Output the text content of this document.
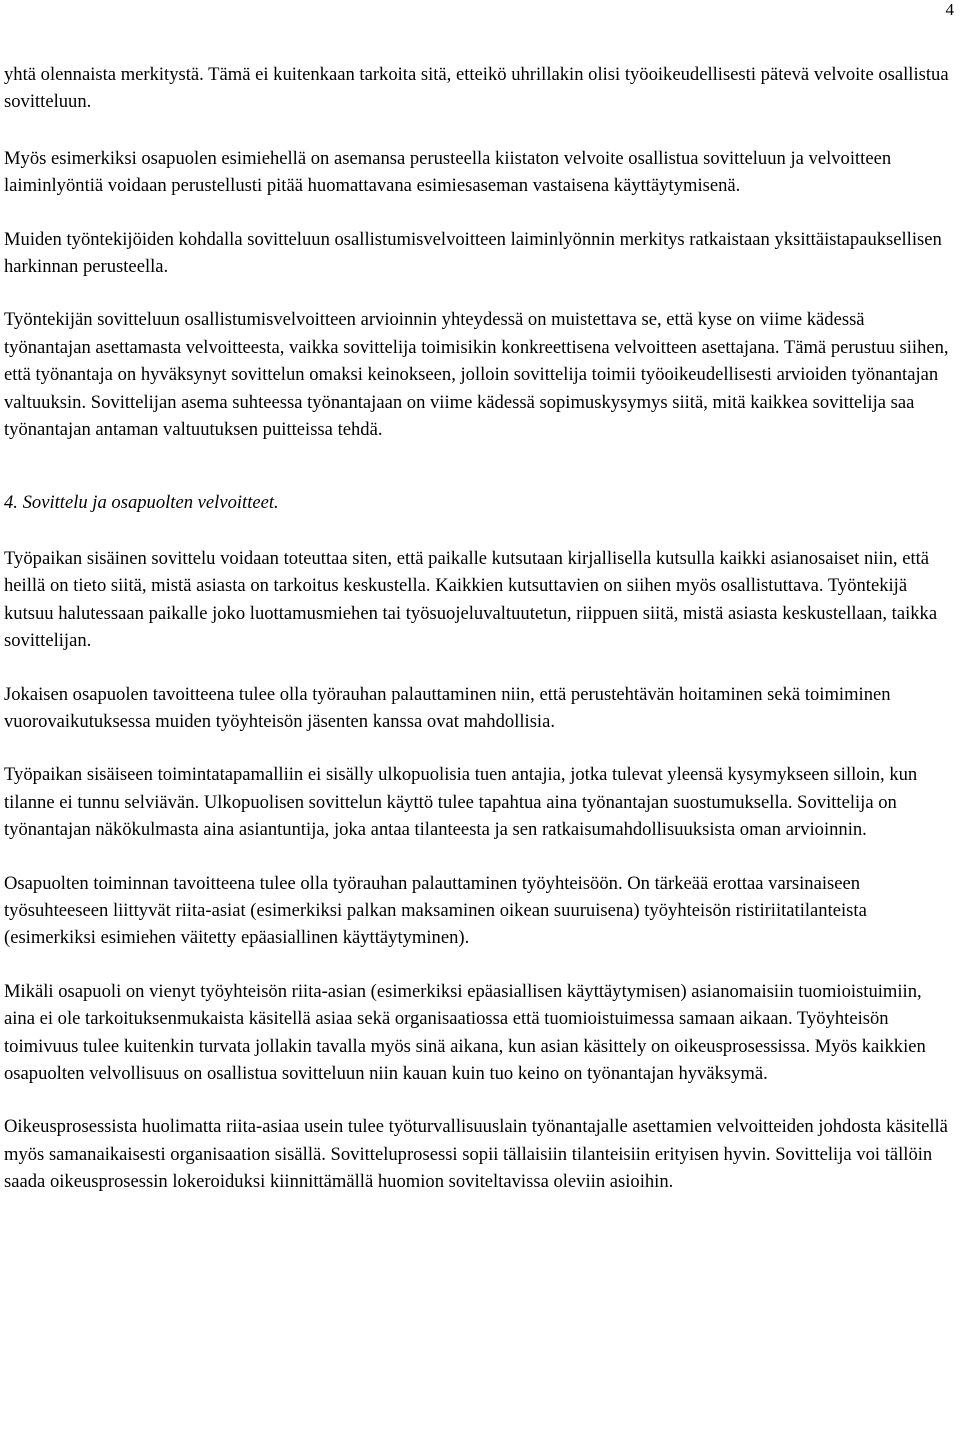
4

yhtä olennaista merkitystä. Tämä ei kuitenkaan tarkoita sitä, etteikö uhrillakin olisi työoikeudellisesti pätevä velvoite osallistua sovitteluun.

Myös esimerkiksi osapuolen esimiehellä on asemansa perusteella kiistaton velvoite osallistua sovitteluun ja velvoitteen laiminlyöntiä voidaan perustellusti pitää huomattavana esimiesaseman vastaisena käyttäytymisenä.

Muiden työntekijöiden kohdalla sovitteluun osallistumisvelvoitteen laiminlyönnin merkitys ratkaistaan yksittäistapauksellisen harkinnan perusteella.

Työntekijän sovitteluun osallistumisvelvoitteen arvioinnin yhteydessä on muistettava se, että kyse on viime kädessä työnantajan asettamasta velvoitteesta, vaikka sovittelija toimisikin konkreettisena velvoitteen asettajana. Tämä perustuu siihen, että työnantaja on hyväksynyt sovittelun omaksi keinokseen, jolloin sovittelija toimii työoikeudellisesti arvioiden työnantajan valtuuksin. Sovittelijan asema suhteessa työnantajaan on viime kädessä sopimuskysymys siitä, mitä kaikkea sovittelija saa työnantajan antaman valtuutuksen puitteissa tehdä.

4. Sovittelu ja osapuolten velvoitteet.

Työpaikan sisäinen sovittelu voidaan toteuttaa siten, että paikalle kutsutaan kirjallisella kutsulla kaikki asianosaiset niin, että heillä on tieto siitä, mistä asiasta on tarkoitus keskustella. Kaikkien kutsuttavien on siihen myös osallistuttava. Työntekijä kutsuu halutessaan paikalle joko luottamusmiehen tai työsuojeluvaltuutetun, riippuen siitä, mistä asiasta keskustellaan, taikka sovittelijan.

Jokaisen osapuolen tavoitteena tulee olla työrauhan palauttaminen niin, että perustehtävän hoitaminen sekä toimiminen vuorovaikutuksessa muiden työyhteisön jäsenten kanssa ovat mahdollisia.

Työpaikan sisäiseen toimintatapamalliin ei sisälly ulkopuolisia tuen antajia, jotka tulevat yleensä kysymykseen silloin, kun tilanne ei tunnu selviävän. Ulkopuolisen sovittelun käyttö tulee tapahtua aina työnantajan suostumuksella. Sovittelija on työnantajan näkökulmasta aina asiantuntija, joka antaa tilanteesta ja sen ratkaisumahdollisuuksista oman arvioinnin.

Osapuolten toiminnan tavoitteena tulee olla työrauhan palauttaminen työyhteisöön. On tärkeää erottaa varsinaiseen työsuhteeseen liittyvät riita-asiat (esimerkiksi palkan maksaminen oikean suuruisena) työyhteisön ristiriitatilanteista (esimerkiksi esimiehen väitetty epäasiallinen käyttäytyminen).

Mikäli osapuoli on vienyt työyhteisön riita-asian (esimerkiksi epäasiallisen käyttäytymisen) asianomaisiin tuomioistuimiin, aina ei ole tarkoituksenmukaista käsitellä asiaa sekä organisaatiossa että tuomioistuimessa samaan aikaan. Työyhteisön toimivuus tulee kuitenkin turvata jollakin tavalla myös sinä aikana, kun asian käsittely on oikeusprosessissa. Myös kaikkien osapuolten velvollisuus on osallistua sovitteluun niin kauan kuin tuo keino on työnantajan hyväksymä.

Oikeusprosessista huolimatta riita-asiaa usein tulee työturvallisuuslain työnantajalle asettamien velvoitteiden johdosta käsitellä myös samanaikaisesti organisaation sisällä. Sovitteluprosessi sopii tällaisiin tilanteisiin erityisen hyvin. Sovittelija voi tällöin saada oikeusprosessin lokeroiduksi kiinnittämällä huomion soviteltavissa oleviin asioihin.
